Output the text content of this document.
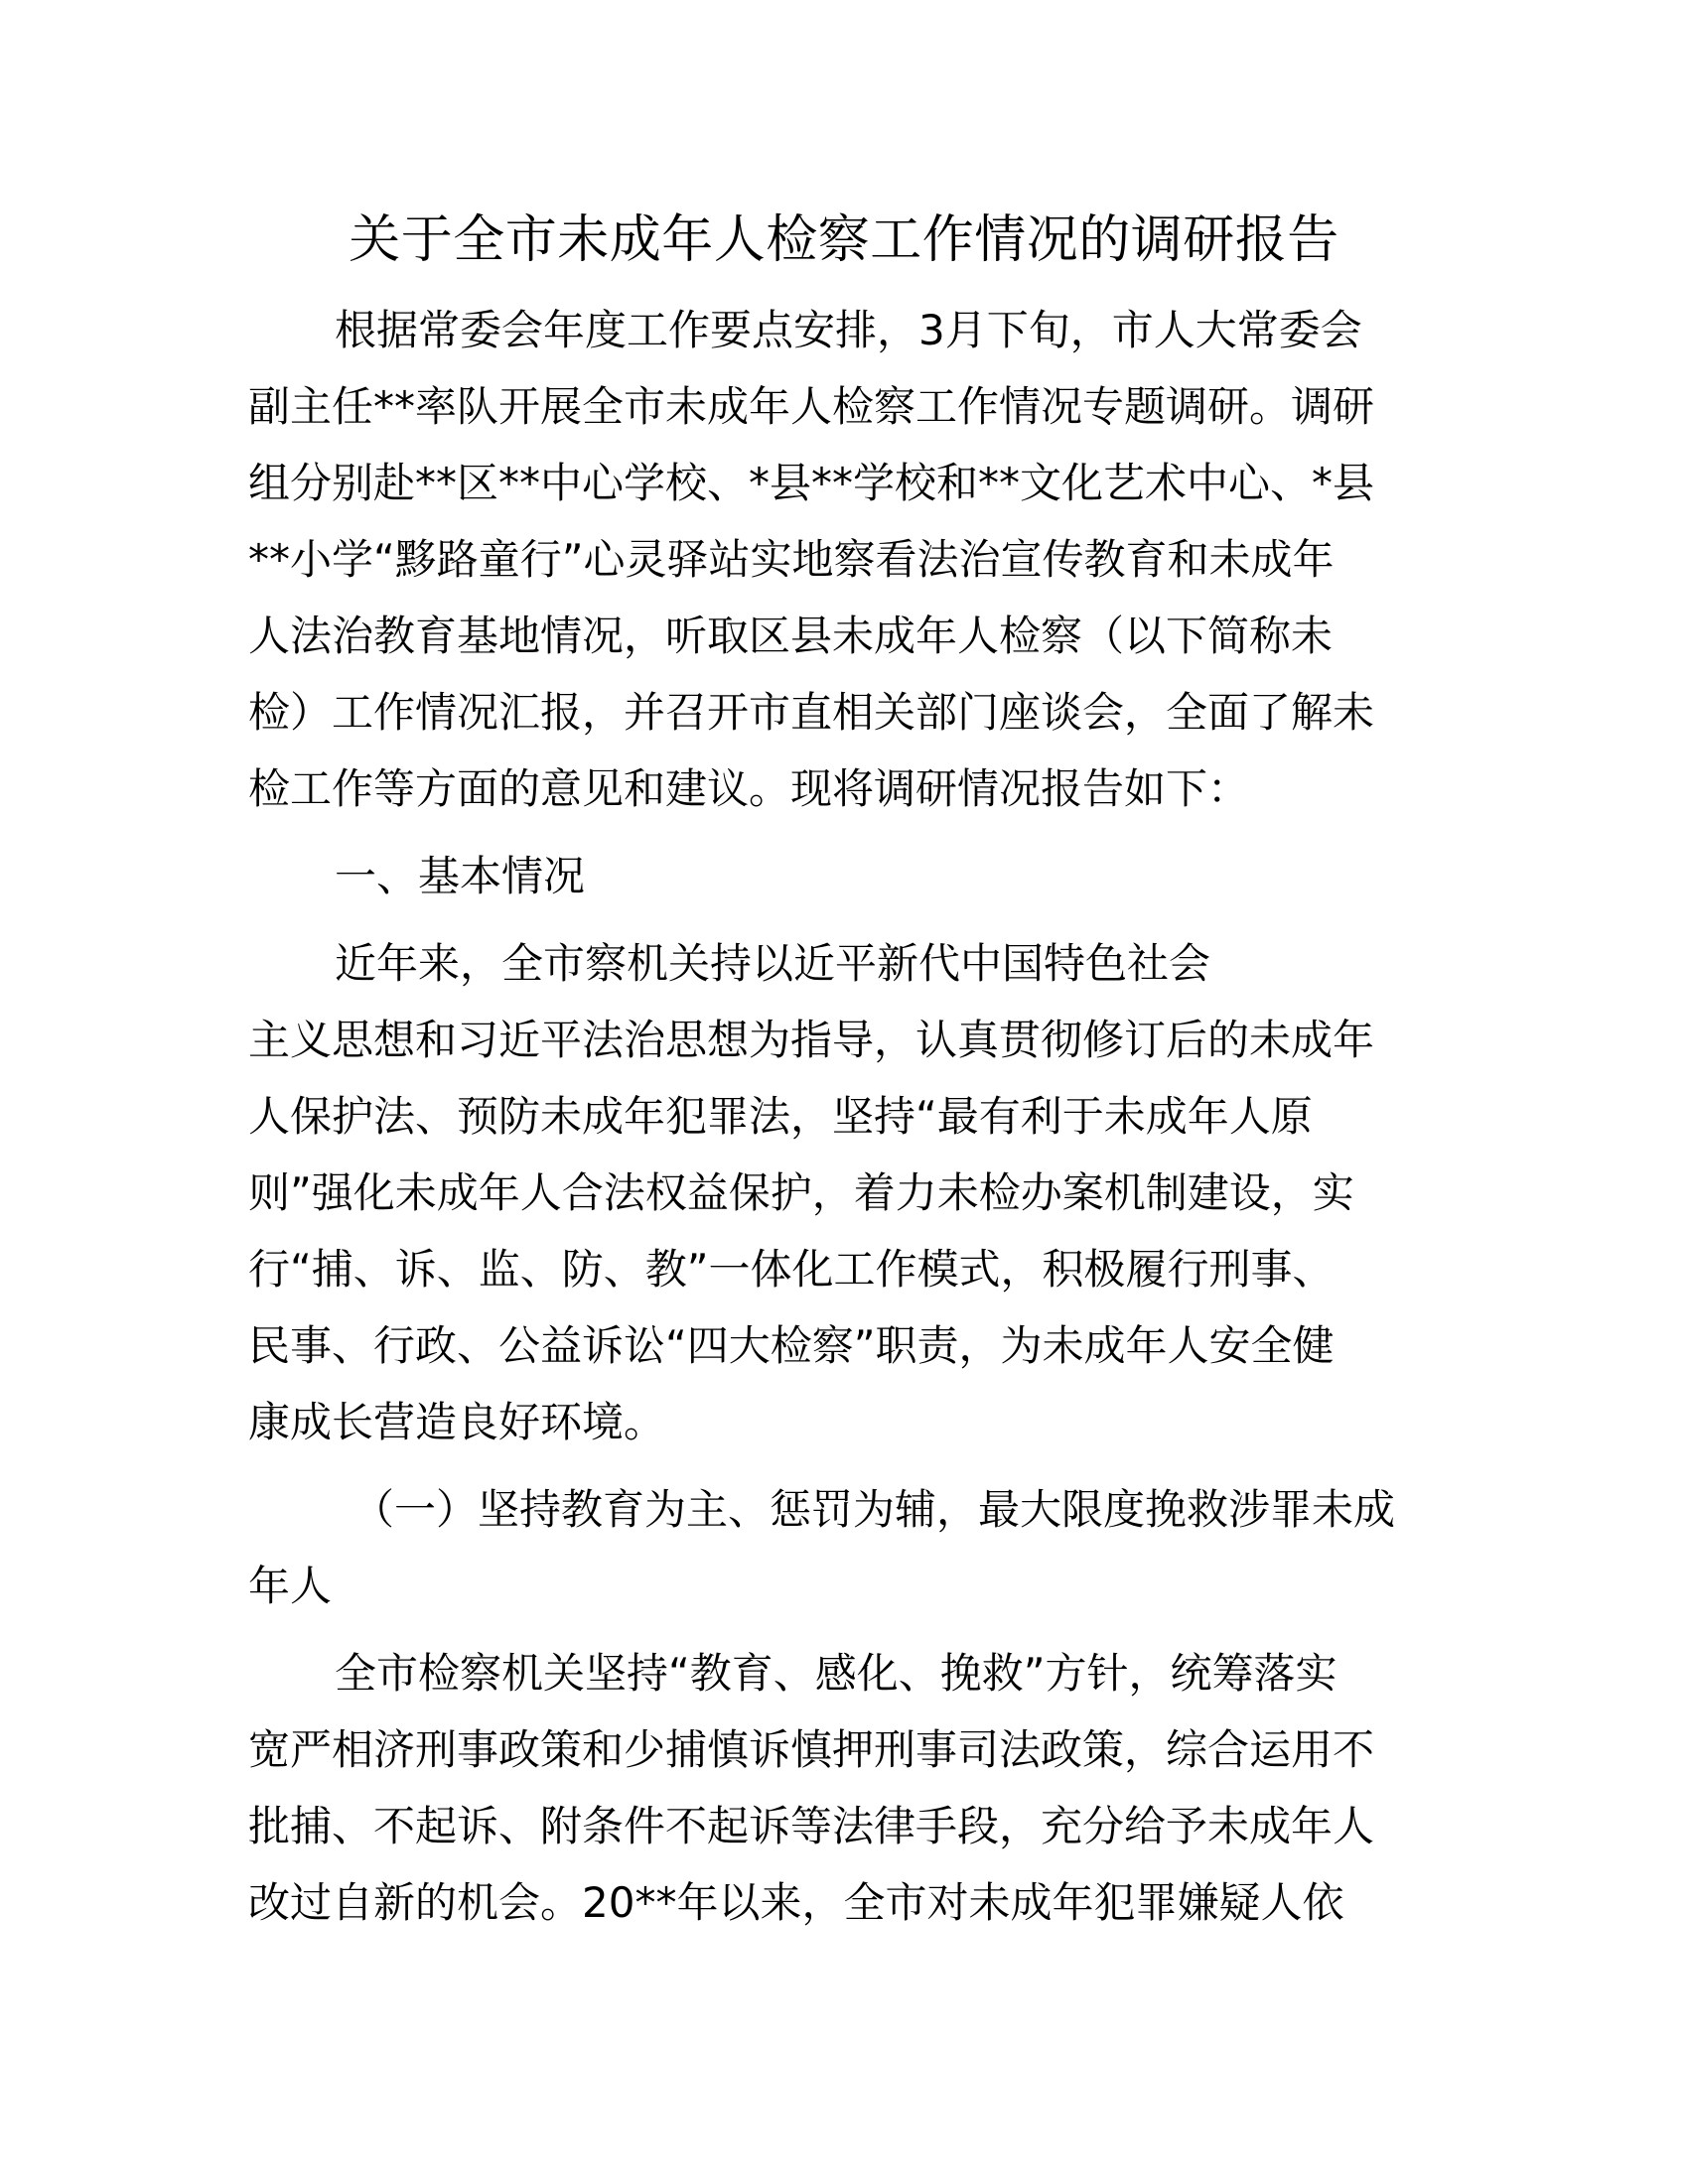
关于全市未成年人检察工作情况的调研报告

根据常委会年度工作要点安排，3月下旬，市人大常委会
副主任**率队开展全市未成年人检察工作情况专题调研。调研
组分别赴**区**中心学校、*县**学校和**文化艺术中心、*县
**小学“黟路童行”心灵驿站实地察看法治宣传教育和未成年
人法治教育基地情况，听取区县未成年人检察（以下简称未
检）工作情况汇报，并召开市直相关部门座谈会，全面了解未
检工作等方面的意见和建议。现将调研情况报告如下：

一、基本情况

近年来，全市察机关持以近平新代中国特色社会
主义思想和习近平法治思想为指导，认真贯彻修订后的未成年
人保护法、预防未成年犯罪法，坚持“最有利于未成年人原
则”强化未成年人合法权益保护，着力未检办案机制建设，实
行“捕、诉、监、防、教”一体化工作模式，积极履行刑事、
民事、行政、公益诉讼“四大检察”职责，为未成年人安全健
康成长营造良好环境。

（一）坚持教育为主、惩罚为辅，最大限度挽救涉罪未成
年人

全市检察机关坚持“教育、感化、挽救”方针，统筹落实
宽严相济刑事政策和少捕慎诉慎押刑事司法政策，综合运用不
批捕、不起诉、附条件不起诉等法律手段，充分给予未成年人
改过自新的机会。20**年以来，全市对未成年犯罪嫌疑人依
